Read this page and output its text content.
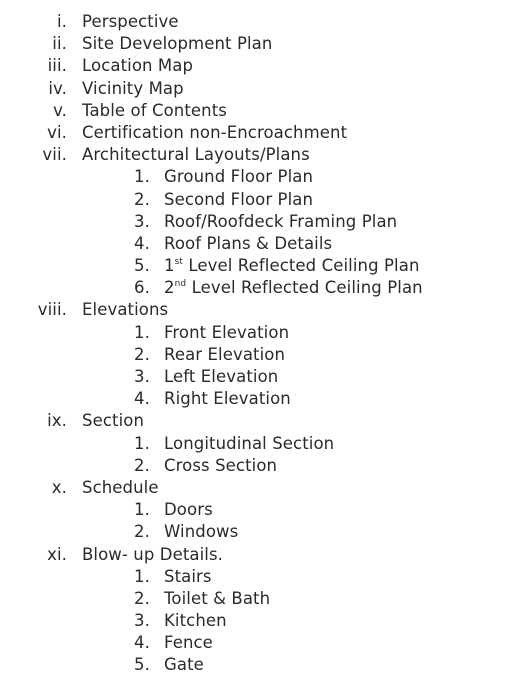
i. Perspective
ii. Site Development Plan
iii. Location Map
iv. Vicinity Map
v. Table of Contents
vi. Certification non-Encroachment
vii. Architectural Layouts/Plans
1. Ground Floor Plan
2. Second Floor Plan
3. Roof/Roofdeck Framing Plan
4. Roof Plans & Details
5. 1st Level Reflected Ceiling Plan
6. 2nd Level Reflected Ceiling Plan
viii. Elevations
1. Front Elevation
2. Rear Elevation
3. Left Elevation
4. Right Elevation
ix. Section
1. Longitudinal Section
2. Cross Section
x. Schedule
1. Doors
2. Windows
xi. Blow- up Details.
1. Stairs
2. Toilet & Bath
3. Kitchen
4. Fence
5. Gate
